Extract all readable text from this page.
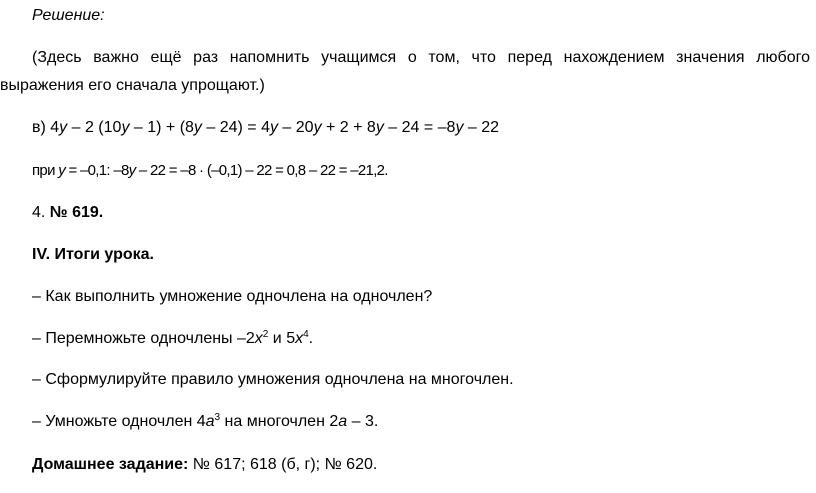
Решение:
(Здесь важно ещё раз напомнить учащимся о том, что перед нахождением значения любого
выражения его сначала упрощают.)
в) 4y – 2 (10y – 1) + (8y – 24) = 4y – 20y + 2 + 8y – 24 = –8y – 22
при y = –0,1: –8y – 22 = –8 · (–0,1) – 22 = 0,8 – 22 = –21,2.
4. № 619.
IV. Итоги урока.
– Как выполнить умножение одночлена на одночлен?
– Перемножьте одночлены $-2x^2$ и $5x^4$.
– Сформулируйте правило умножения одночлена на многочлен.
– Умножьте одночлен $4a^3$ на многочлен 2a – 3.
Домашнее задание: № 617; 618 (б, г); № 620.
